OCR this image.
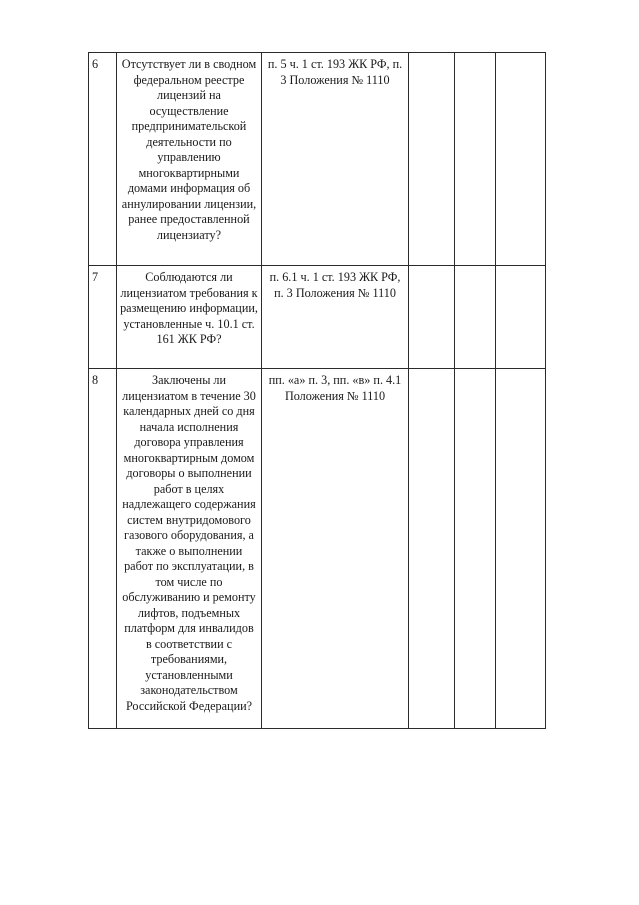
6	Отсутствует ли в сводном федеральном реестре лицензий на осуществление предпринимательской деятельности по управлению многоквартирными домами информация об аннулировании лицензии, ранее предоставленной лицензиату?	п. 5 ч. 1 ст. 193 ЖК РФ, п. 3 Положения № 1110			
7	Соблюдаются ли лицензиатом требования к размещению информации, установленные ч. 10.1 ст. 161 ЖК РФ?	п. 6.1 ч. 1 ст. 193 ЖК РФ, п. 3 Положения № 1110			
8	Заключены ли лицензиатом в течение 30 календарных дней со дня начала исполнения договора управления многоквартирным домом договоры о выполнении работ в целях надлежащего содержания систем внутридомового газового оборудования, а также о выполнении работ по эксплуатации, в том числе по обслуживанию и ремонту лифтов, подъемных платформ для инвалидов в соответствии с требованиями, установленными законодательством Российской Федерации?	пп. «а» п. 3, пп. «в» п. 4.1 Положения № 1110			
